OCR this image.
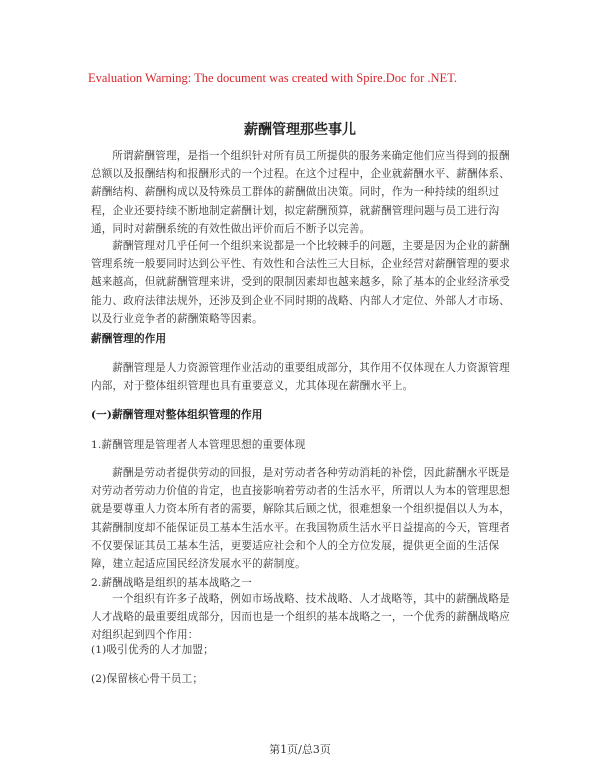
Evaluation Warning: The document was created with Spire.Doc for .NET.
薪酬管理那些事儿

所谓薪酬管理，是指一个组织针对所有员工所提供的服务来确定他们应当得到的报酬总额以及报酬结构和报酬形式的一个过程。在这个过程中，企业就薪酬水平、薪酬体系、薪酬结构、薪酬构成以及特殊员工群体的薪酬做出决策。同时，作为一种持续的组织过程，企业还要持续不断地制定薪酬计划，拟定薪酬预算，就薪酬管理问题与员工进行沟通，同时对薪酬系统的有效性做出评价而后不断予以完善。

薪酬管理对几乎任何一个组织来说都是一个比较棘手的问题，主要是因为企业的薪酬管理系统一般要同时达到公平性、有效性和合法性三大目标，企业经营对薪酬管理的要求越来越高，但就薪酬管理来讲，受到的限制因素却也越来越多，除了基本的企业经济承受能力、政府法律法规外，还涉及到企业不同时期的战略、内部人才定位、外部人才市场、以及行业竞争者的薪酬策略等因素。

薪酬管理的作用

薪酬管理是人力资源管理作业活动的重要组成部分，其作用不仅体现在人力资源管理内部，对于整体组织管理也具有重要意义，尤其体现在薪酬水平上。

(一)薪酬管理对整体组织管理的作用

1.薪酬管理是管理者人本管理思想的重要体现

薪酬是劳动者提供劳动的回报，是对劳动者各种劳动消耗的补偿，因此薪酬水平既是对劳动者劳动力价值的肯定，也直接影响着劳动者的生活水平，所谓以人为本的管理思想就是要尊重人力资本所有者的需要，解除其后顾之忧，很难想象一个组织提倡以人为本，其薪酬制度却不能保证员工基本生活水平。在我国物质生活水平日益提高的今天，管理者不仅要保证其员工基本生活，更要适应社会和个人的全方位发展，提供更全面的生活保障，建立起适应国民经济发展水平的薪制度。

2.薪酬战略是组织的基本战略之一

一个组织有许多子战略，例如市场战略、技术战略、人才战略等，其中的薪酬战略是人才战略的最重要组成部分，因而也是一个组织的基本战略之一，一个优秀的薪酬战略应对组织起到四个作用：

(1)吸引优秀的人才加盟；

(2)保留核心骨干员工；

第1页/总3页
